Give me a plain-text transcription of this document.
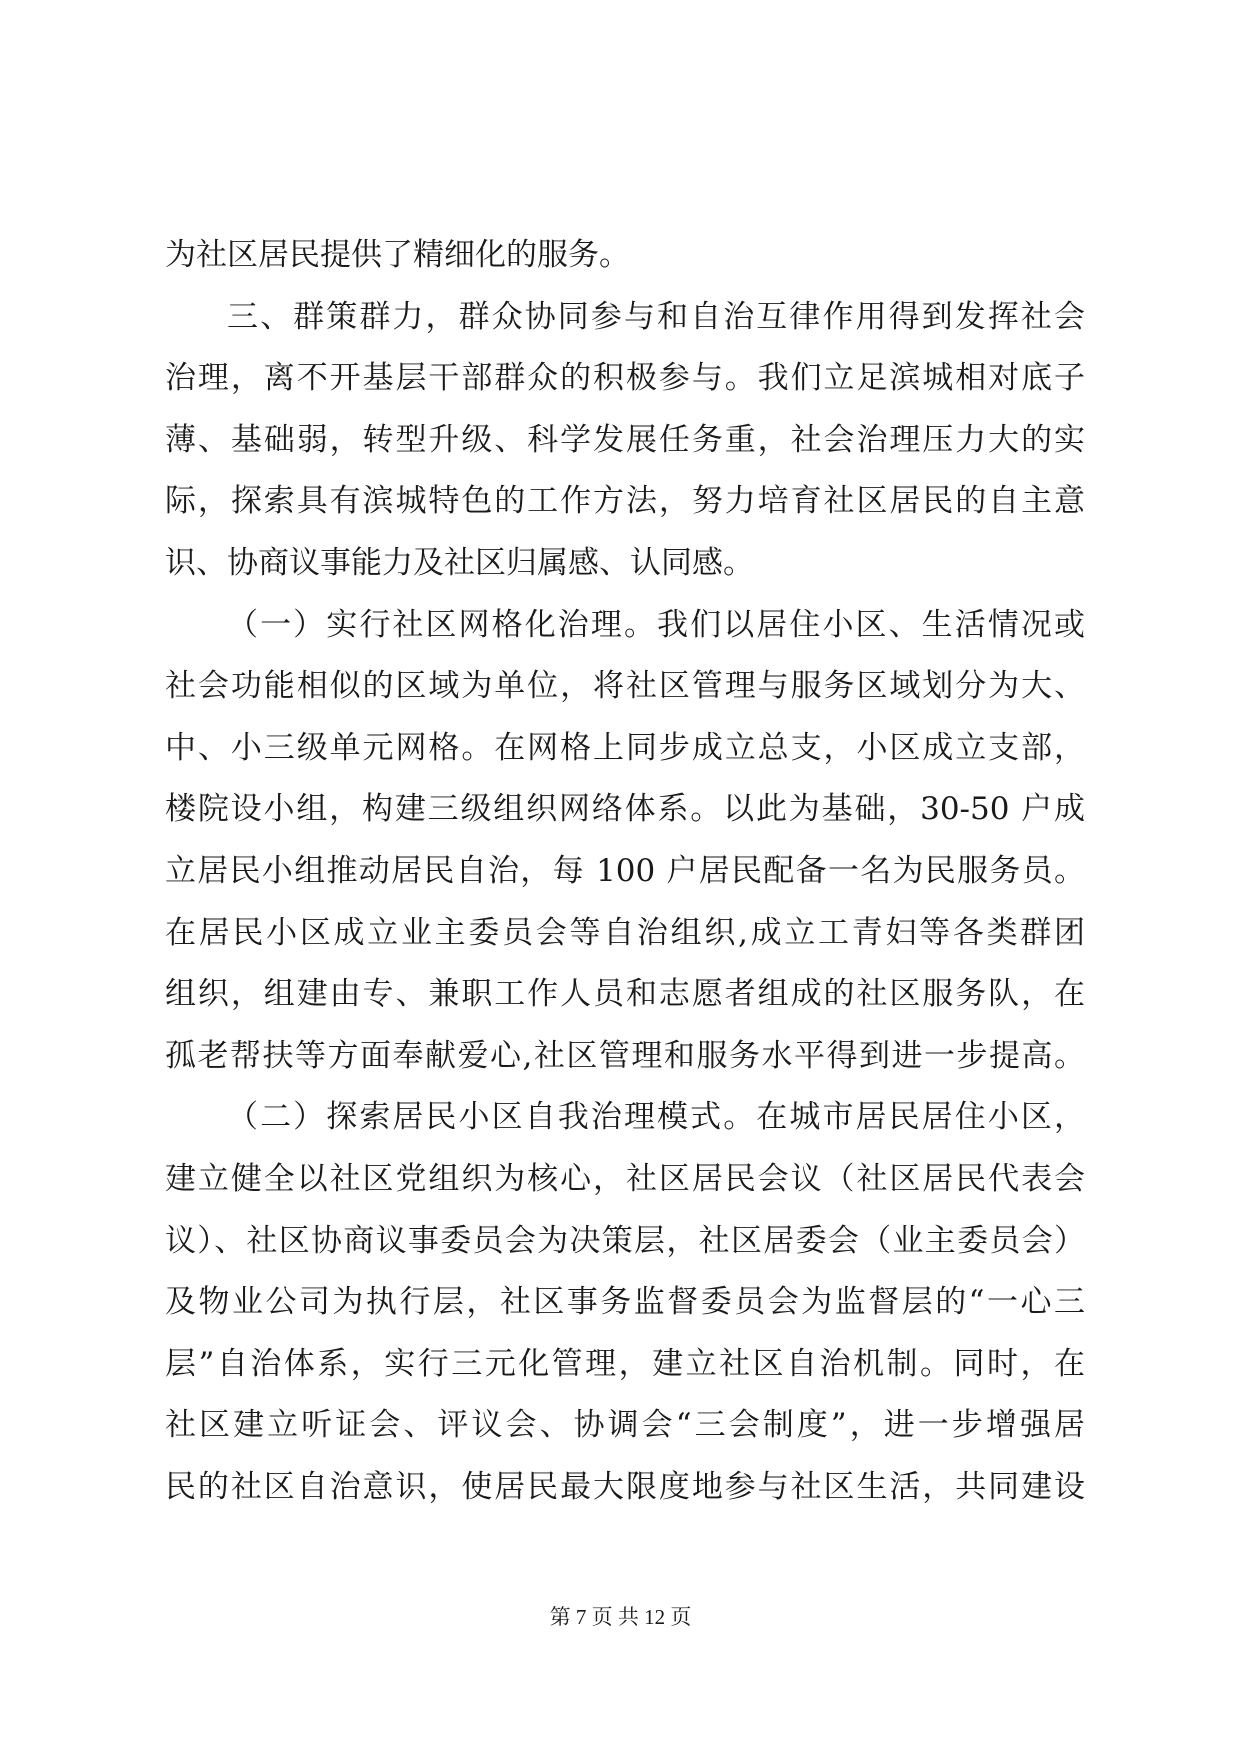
为社区居民提供了精细化的服务。
三、群策群力，群众协同参与和自治互律作用得到发挥社会
治理，离不开基层干部群众的积极参与。我们立足滨城相对底子
薄、基础弱，转型升级、科学发展任务重，社会治理压力大的实
际，探索具有滨城特色的工作方法，努力培育社区居民的自主意
识、协商议事能力及社区归属感、认同感。
（一）实行社区网格化治理。我们以居住小区、生活情况或
社会功能相似的区域为单位，将社区管理与服务区域划分为大、
中、小三级单元网格。在网格上同步成立总支，小区成立支部，
楼院设小组，构建三级组织网络体系。以此为基础，30-50 户成
立居民小组推动居民自治，每 100 户居民配备一名为民服务员。
在居民小区成立业主委员会等自治组织,成立工青妇等各类群团
组织，组建由专、兼职工作人员和志愿者组成的社区服务队，在
孤老帮扶等方面奉献爱心,社区管理和服务水平得到进一步提高。
（二）探索居民小区自我治理模式。在城市居民居住小区，
建立健全以社区党组织为核心，社区居民会议（社区居民代表会
议）、社区协商议事委员会为决策层，社区居委会（业主委员会）
及物业公司为执行层，社区事务监督委员会为监督层的“一心三
层”自治体系，实行三元化管理，建立社区自治机制。同时，在
社区建立听证会、评议会、协调会“三会制度”，进一步增强居
民的社区自治意识，使居民最大限度地参与社区生活，共同建设
第 7 页 共 12 页
